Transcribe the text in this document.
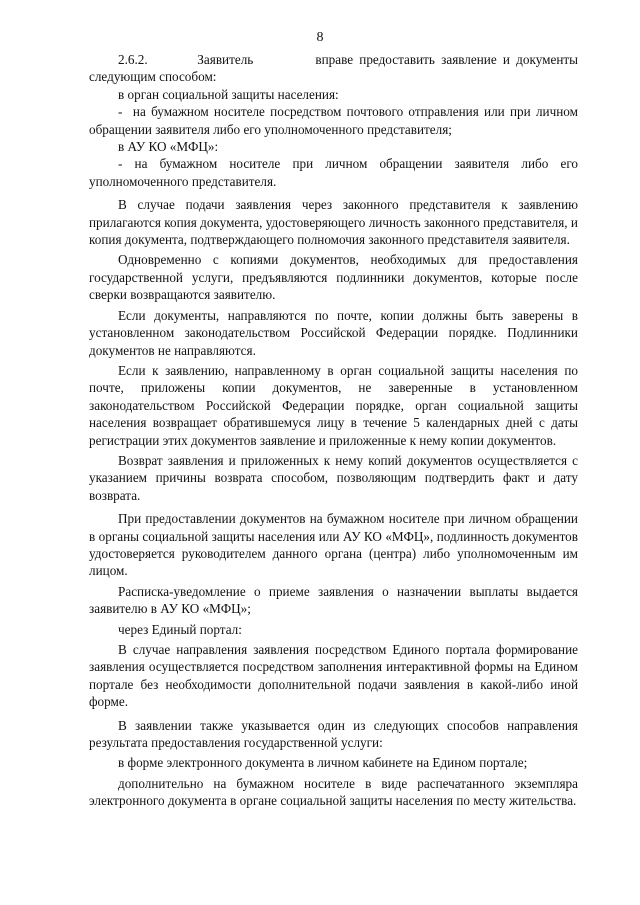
8

2.6.2.        Заявитель          вправе предоставить заявление и документы следующим способом:

в орган социальной защиты населения:

-  на бумажном носителе посредством почтового отправления или при личном обращении заявителя либо его уполномоченного представителя;

в АУ КО «МФЦ»:

- на бумажном носителе при личном обращении заявителя либо его уполномоченного представителя.

В случае подачи заявления через законного представителя к заявлению прилагаются копия документа, удостоверяющего личность законного представителя, и копия документа, подтверждающего полномочия законного представителя заявителя.

Одновременно с копиями документов, необходимых для предоставления государственной услуги, предъявляются подлинники документов, которые после сверки возвращаются заявителю.

Если документы, направляются по почте, копии должны быть заверены в установленном законодательством Российской Федерации порядке. Подлинники документов не направляются.

Если к заявлению, направленному в орган социальной защиты населения по почте, приложены копии документов, не заверенные в установленном законодательством Российской Федерации порядке, орган социальной защиты населения возвращает обратившемуся лицу в течение 5 календарных дней с даты регистрации этих документов заявление и приложенные к нему копии документов.

Возврат заявления и приложенных к нему копий документов осуществляется с указанием причины возврата способом, позволяющим подтвердить факт и дату возврата.

При предоставлении документов на бумажном носителе при личном обращении в органы социальной защиты населения или АУ КО «МФЦ», подлинность документов удостоверяется руководителем данного органа (центра) либо уполномоченным им лицом.

Расписка-уведомление о приеме заявления о назначении выплаты выдается заявителю в АУ КО «МФЦ»;

через Единый портал:

В случае направления заявления посредством Единого портала формирование заявления осуществляется посредством заполнения интерактивной формы на Едином портале без необходимости дополнительной подачи заявления в какой-либо иной форме.

В заявлении также указывается один из следующих способов направления результата предоставления государственной услуги:

в форме электронного документа в личном кабинете на Едином портале;

дополнительно на бумажном носителе в виде распечатанного экземпляра электронного документа в органе социальной защиты населения по месту жительства.
